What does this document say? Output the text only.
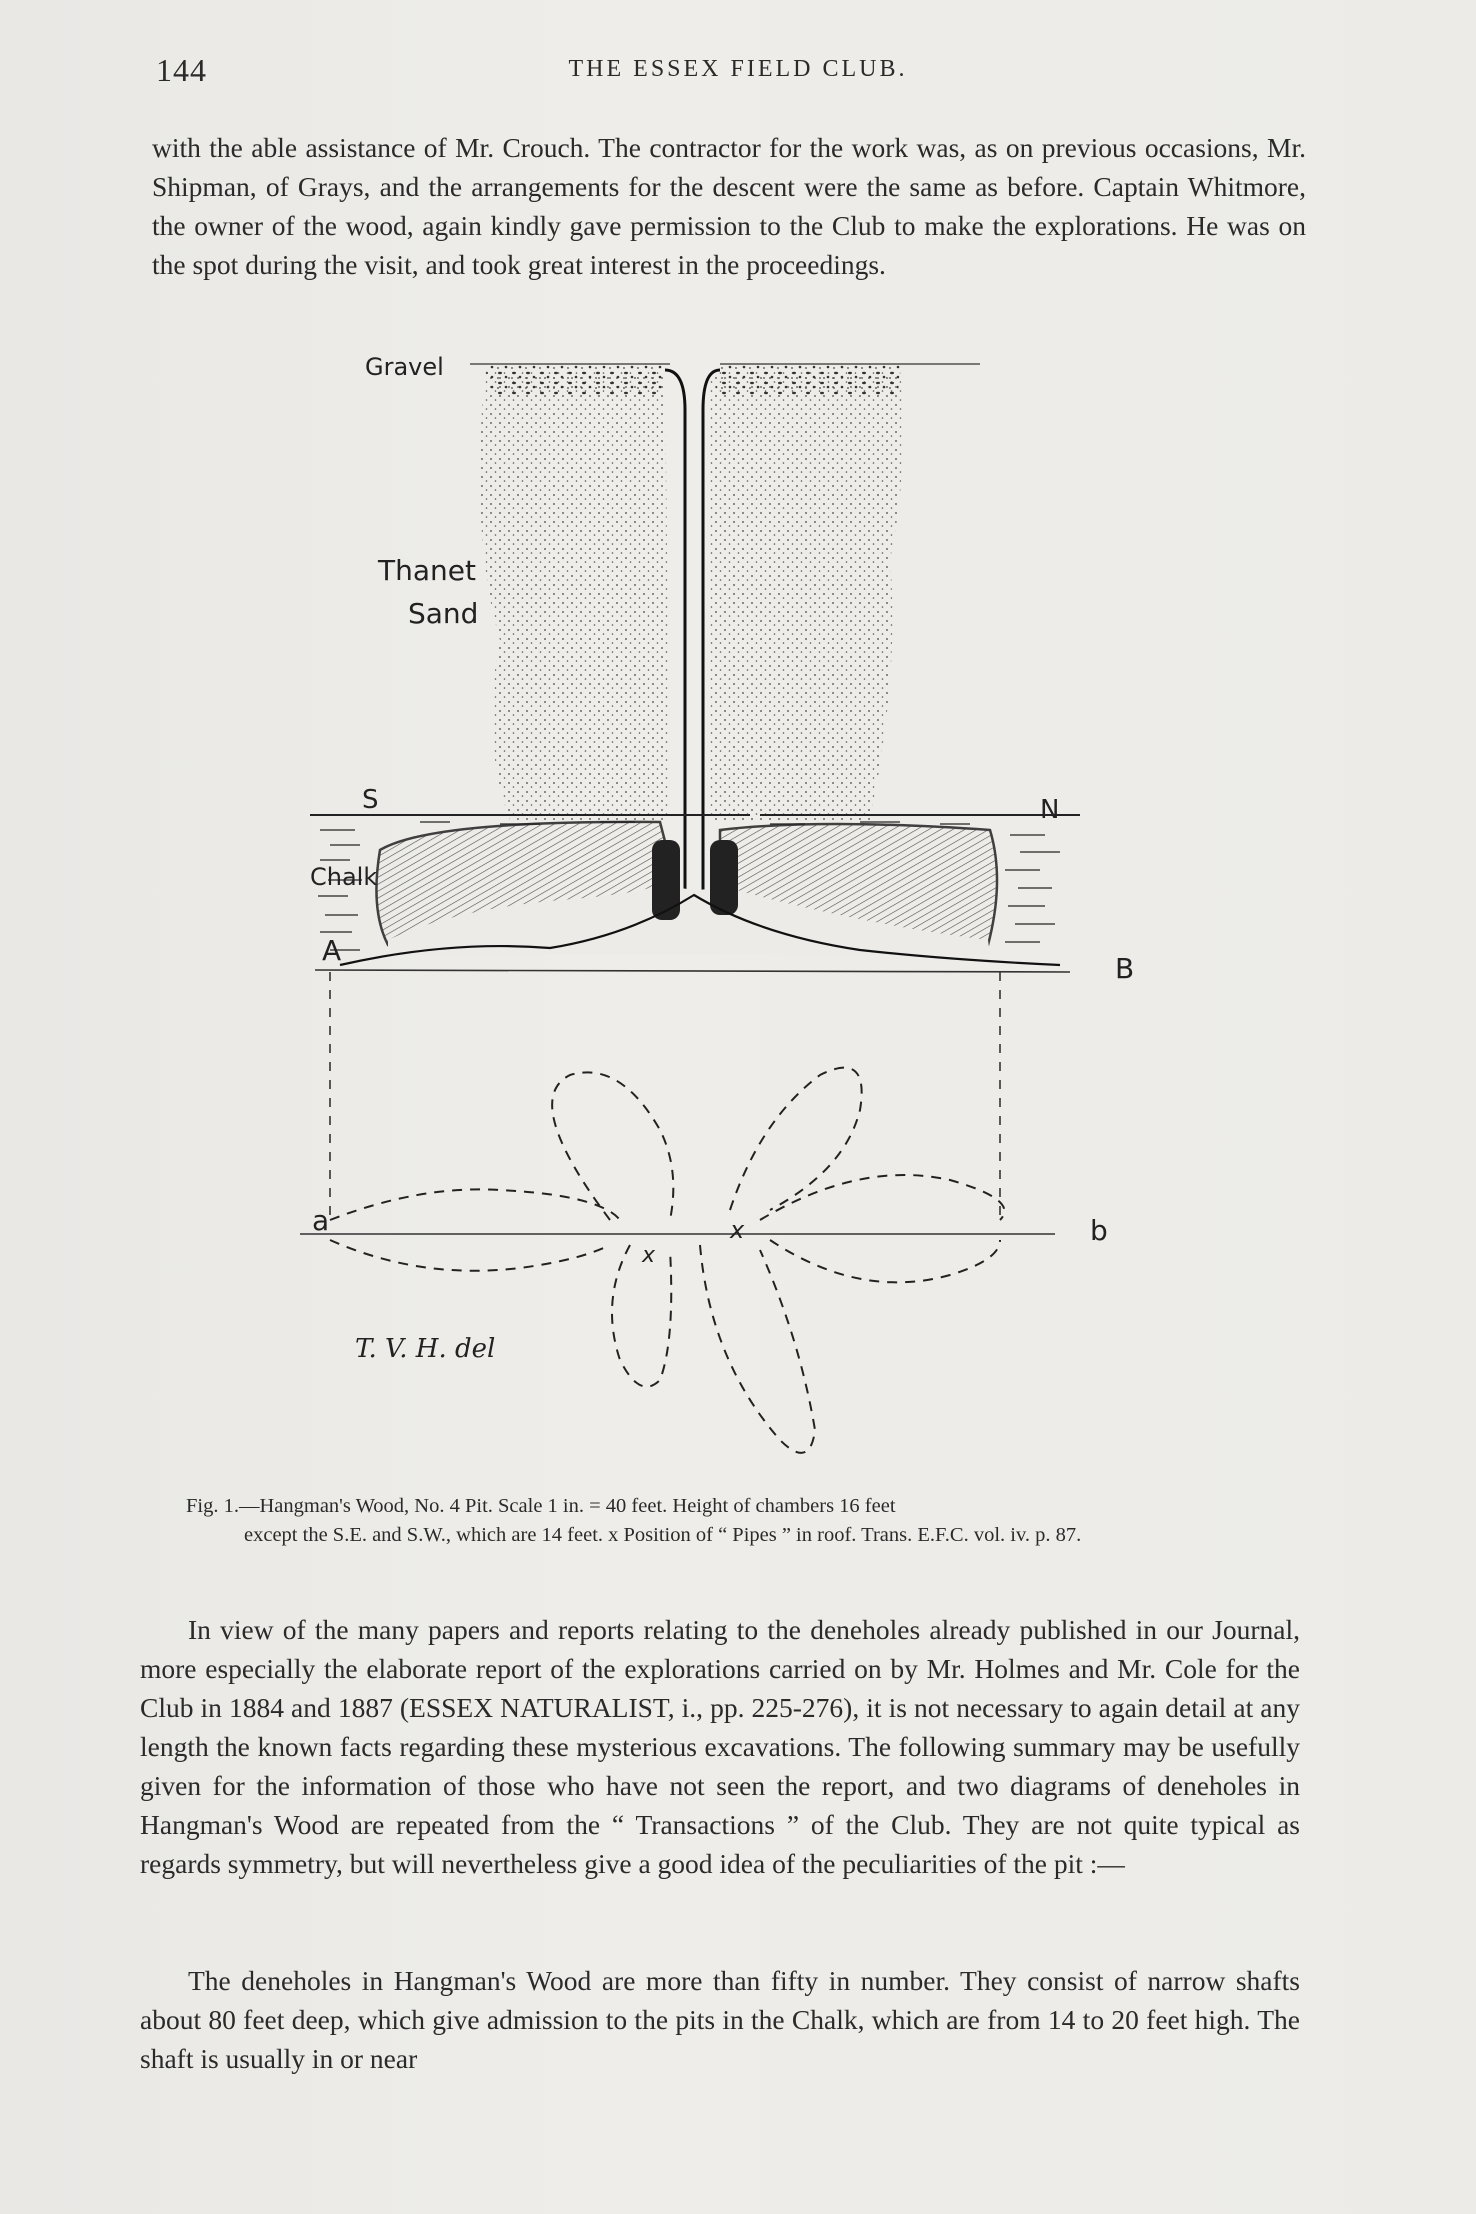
144	THE ESSEX FIELD CLUB.
with the able assistance of Mr. Crouch. The contractor for the work was, as on previous occasions, Mr. Shipman, of Grays, and the arrangements for the descent were the same as before. Captain Whitmore, the owner of the wood, again kindly gave permission to the Club to make the explorations. He was on the spot during the visit, and took great interest in the proceedings.
Gravel
Thanet
Sand
S	N
Chalk
A
B
a	b
x
x
T. V. H. del
Fig. 1.—Hangman's Wood, No. 4 Pit. Scale 1 in. = 40 feet. Height of chambers 16 feet
except the S.E. and S.W., which are 14 feet. x Position of “ Pipes ” in roof. Trans. E.F.C. vol. iv. p. 87.
In view of the many papers and reports relating to the deneholes already published in our Journal, more especially the elaborate report of the explorations carried on by Mr. Holmes and Mr. Cole for the Club in 1884 and 1887 (ESSEX NATURALIST, i., pp. 225-276), it is not necessary to again detail at any length the known facts regarding these mysterious excavations. The following summary may be usefully given for the information of those who have not seen the report, and two diagrams of deneholes in Hangman's Wood are repeated from the “ Transactions ” of the Club. They are not quite typical as regards symmetry, but will nevertheless give a good idea of the peculiarities of the pit :—
The deneholes in Hangman's Wood are more than fifty in number. They consist of narrow shafts about 80 feet deep, which give admission to the pits in the Chalk, which are from 14 to 20 feet high. The shaft is usually in or near
